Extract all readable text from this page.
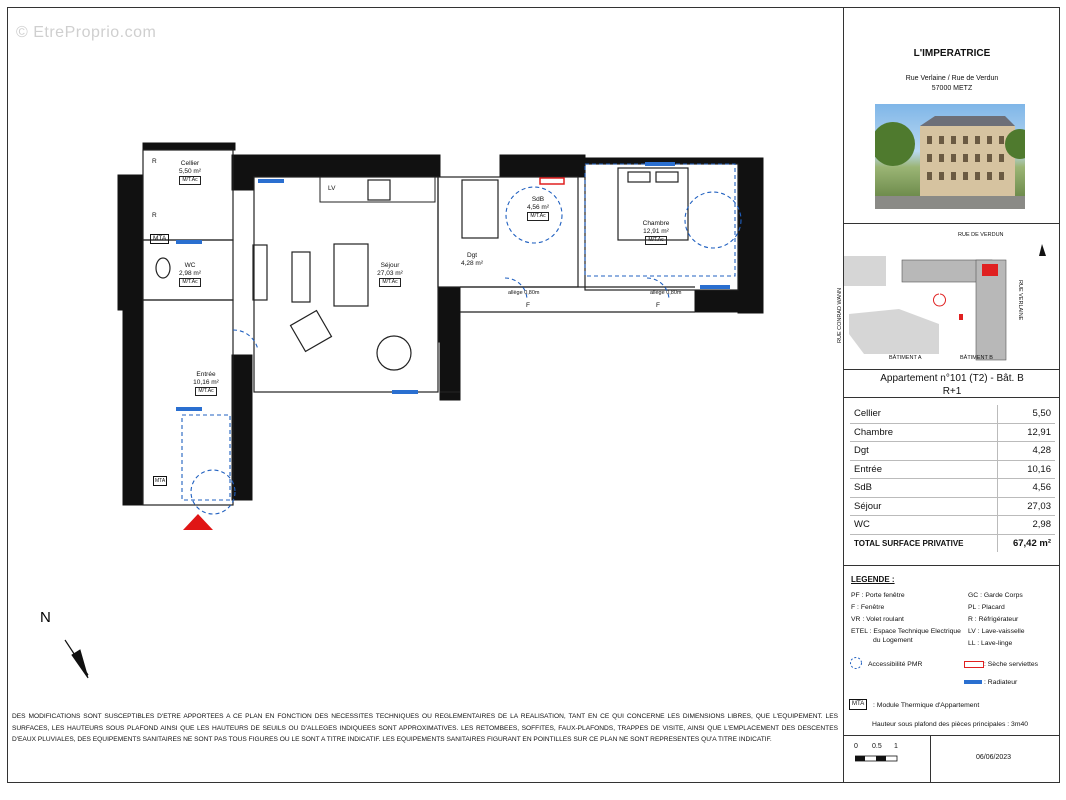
© EtreProprio.com
N
Cellier
5,50 m²
M/T.Ac
WC
2,98 m²
M/T.Ac
Entrée
10,16 m²
M/T.Ac
Séjour
27,03 m²
M/T.Ac
Dgt
4,28 m²
SdB
4,56 m²
M/T.Ac
Chambre
12,91 m²
M/T.Ac
MTA
MTA
LV
R
R
allège 0,80m	allège 0,80m
F	F
DES MODIFICATIONS SONT SUSCEPTIBLES D'ETRE APPORTEES A CE PLAN EN FONCTION DES NECESSITES TECHNIQUES OU REGLEMENTAIRES DE LA REALISATION, TANT EN CE QUI CONCERNE LES DIMENSIONS LIBRES, QUE L'EQUIPEMENT. LES SURFACES, LES HAUTEURS SOUS PLAFOND AINSI QUE LES HAUTEURS DE SEUILS OU D'ALLEGES INDIQUEES SONT APPROXIMATIVES. LES RETOMBEES, SOFFITES, FAUX-PLAFONDS, TRAPPES DE VISITE, AINSI QUE L'EMPLACEMENT DES DESCENTES D'EAUX PLUVIALES, DES EQUIPEMENTS SANITAIRES NE SONT PAS TOUS FIGURES OU LE SONT A TITRE INDICATIF. LES EQUIPEMENTS SANITAIRES FIGURANT EN POINTILLES SUR CE PLAN NE SONT REPRESENTES QU'A TITRE INDICATIF.
L'IMPERATRICE
Rue Verlaine / Rue de Verdun
57000 METZ
RUE DE VERDUN
RUE CONRAD WANN	RUE VERLAINE
BÂTIMENT A	BÂTIMENT B
Appartement n°101 (T2) - Bât. B
R+1
Cellier	5,50
Chambre	12,91
Dgt	4,28
Entrée	10,16
SdB	4,56
Séjour	27,03
WC	2,98
TOTAL SURFACE PRIVATIVE	67,42 m²
LEGENDE :
PF : Porte fenêtre
F : Fenêtre
VR : Volet roulant
ETEL : Espace Technique Electrique
du Logement
GC : Garde Corps
PL : Placard
R : Réfrigérateur
LV : Lave-vaisselle
LL : Lave-linge
Accessibilité PMR	: Sèche serviettes
: Radiateur
MTA	: Module Thermique d'Appartement
Hauteur sous plafond des pièces principales : 3m40
0 0.5 1
06/06/2023
